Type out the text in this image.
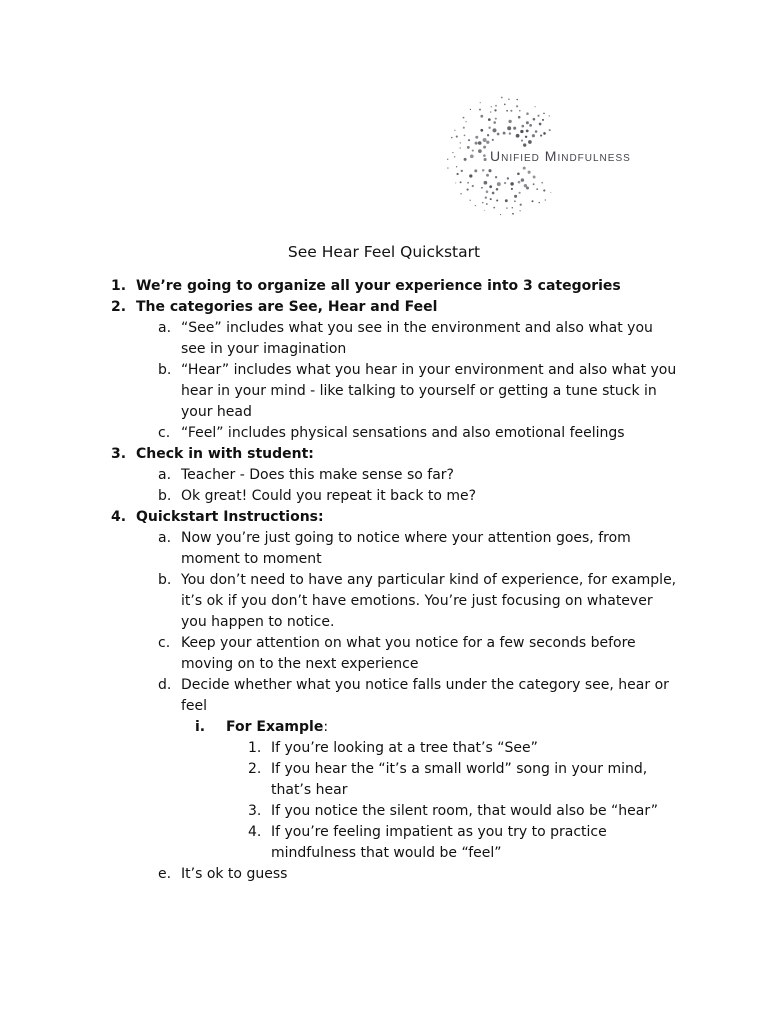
Unified Mindfulness
See Hear Feel Quickstart
1. We’re going to organize all your experience into 3 categories
2. The categories are See, Hear and Feel
a. “See” includes what you see in the environment and also what you see in your imagination
b. “Hear” includes what you hear in your environment and also what you hear in your mind - like talking to yourself or getting a tune stuck in your head
c. “Feel” includes physical sensations and also emotional feelings
3. Check in with student:
a. Teacher - Does this make sense so far?
b. Ok great! Could you repeat it back to me?
4. Quickstart Instructions:
a. Now you’re just going to notice where your attention goes, from moment to moment
b. You don’t need to have any particular kind of experience, for example, it’s ok if you don’t have emotions. You’re just focusing on whatever you happen to notice.
c. Keep your attention on what you notice for a few seconds before moving on to the next experience
d. Decide whether what you notice falls under the category see, hear or feel
i. For Example:
1. If you’re looking at a tree that’s “See”
2. If you hear the “it’s a small world” song in your mind, that’s hear
3. If you notice the silent room, that would also be “hear”
4. If you’re feeling impatient as you try to practice mindfulness that would be “feel”
e. It’s ok to guess
